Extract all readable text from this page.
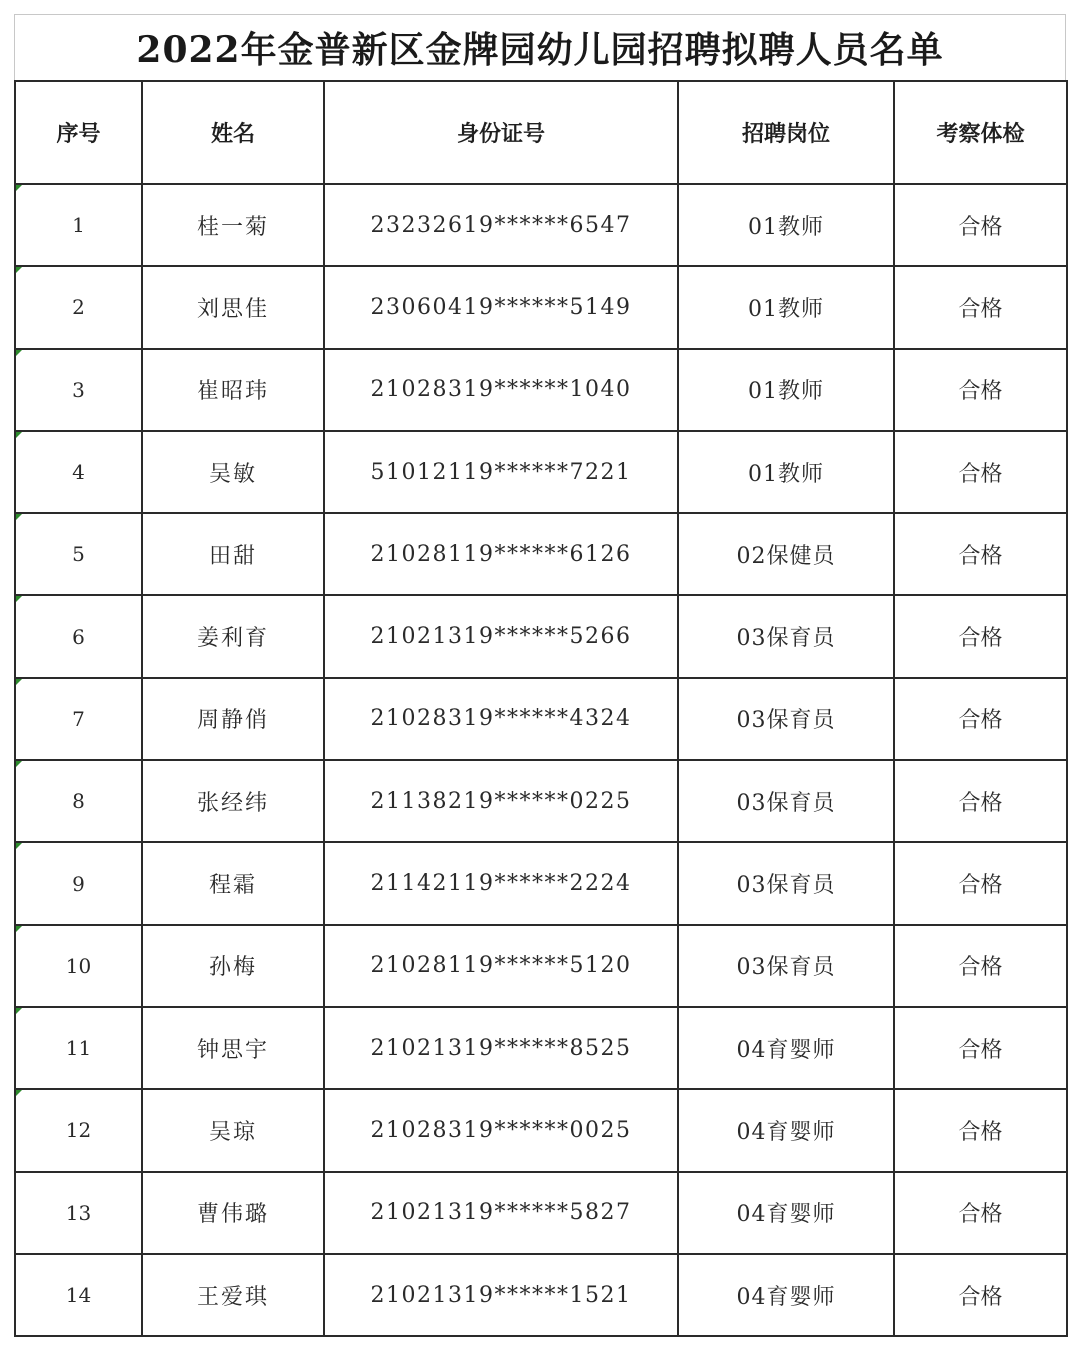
2022年金普新区金牌园幼儿园招聘拟聘人员名单
序号	姓名	身份证号	招聘岗位	考察体检
1	桂一菊	23232619******6547	01教师	合格
2	刘思佳	23060419******5149	01教师	合格
3	崔昭玮	21028319******1040	01教师	合格
4	吴敏	51012119******7221	01教师	合格
5	田甜	21028119******6126	02保健员	合格
6	姜利育	21021319******5266	03保育员	合格
7	周静俏	21028319******4324	03保育员	合格
8	张经纬	21138219******0225	03保育员	合格
9	程霜	21142119******2224	03保育员	合格
10	孙梅	21028119******5120	03保育员	合格
11	钟思宇	21021319******8525	04育婴师	合格
12	吴琼	21028319******0025	04育婴师	合格
13	曹伟璐	21021319******5827	04育婴师	合格
14	王爱琪	21021319******1521	04育婴师	合格
